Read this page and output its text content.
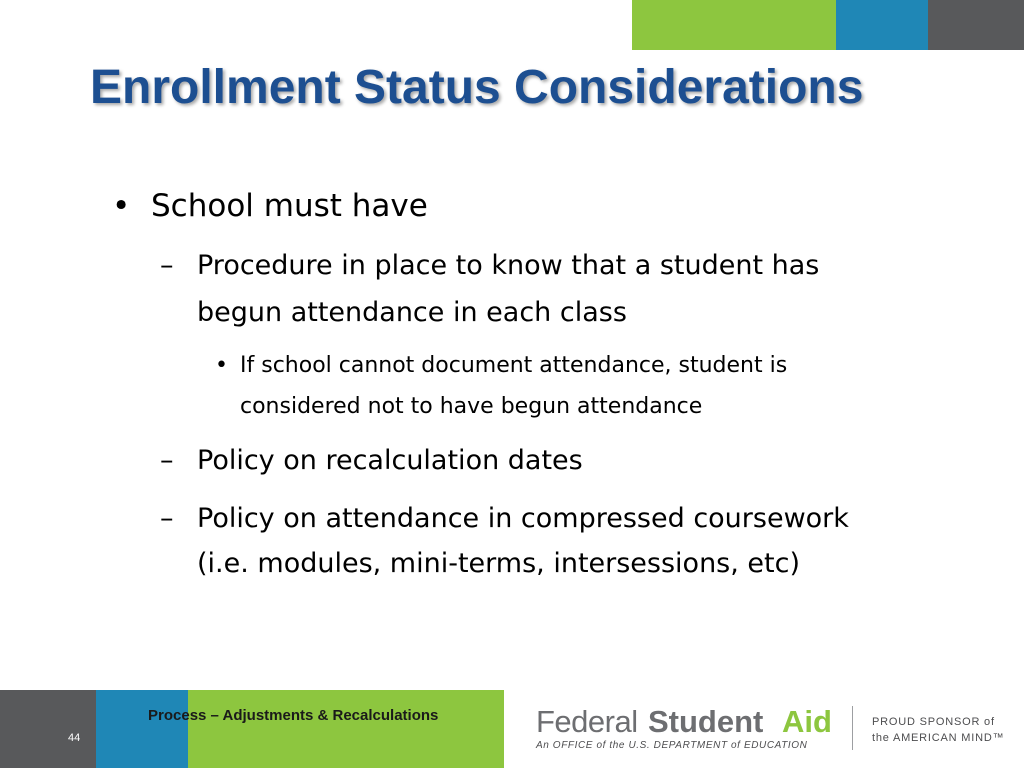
Enrollment Status Considerations
• School must have
– Procedure in place to know that a student has
begun attendance in each class
• If school cannot document attendance, student is
considered not to have begun attendance
– Policy on recalculation dates
– Policy on attendance in compressed coursework
(i.e. modules, mini-terms, intersessions, etc)
Process – Adjustments & Recalculations
44	Federal Student Aid
An OFFICE of the U.S. DEPARTMENT of EDUCATION
PROUD SPONSOR of
the AMERICAN MIND™
